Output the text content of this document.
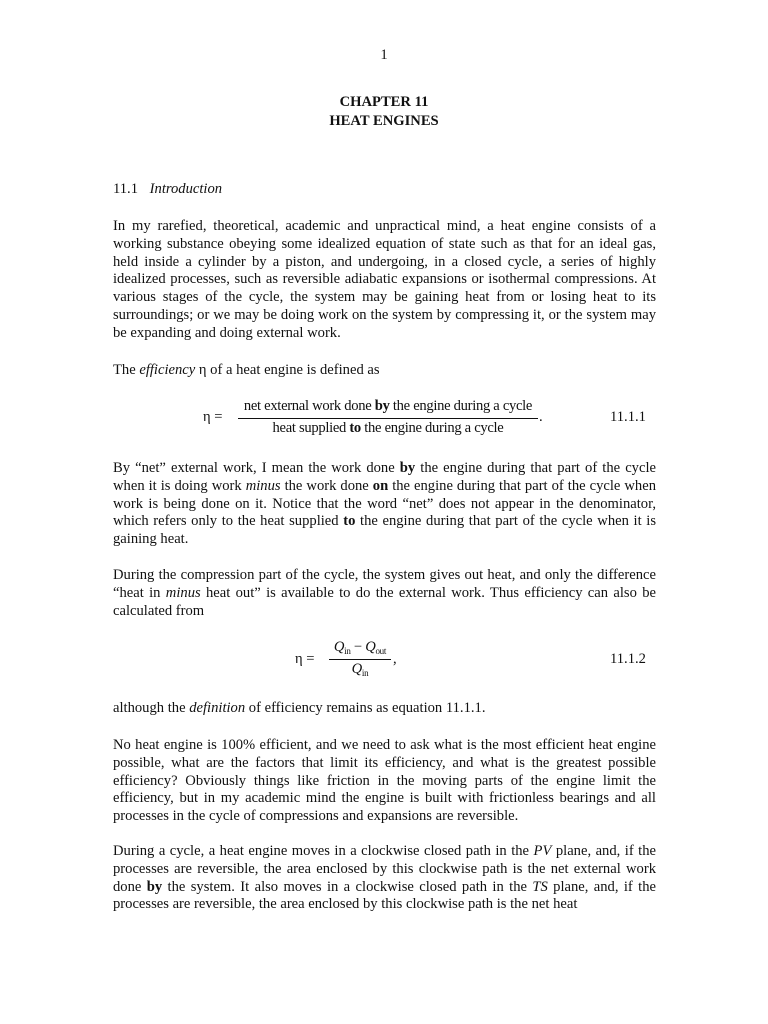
1
CHAPTER 11
HEAT ENGINES
11.1 Introduction

In my rarefied, theoretical, academic and unpractical mind, a heat engine consists of a working substance obeying some idealized equation of state such as that for an ideal gas, held inside a cylinder by a piston, and undergoing, in a closed cycle, a series of highly idealized processes, such as reversible adiabatic expansions or isothermal compressions. At various stages of the cycle, the system may be gaining heat from or losing heat to its surroundings; or we may be doing work on the system by compressing it, or the system may be expanding and doing external work.

The efficiency η of a heat engine is defined as

η =
net external work done by the engine during a cycle
heat supplied to the engine during a cycle
.	11.1.1

By “net” external work, I mean the work done by the engine during that part of the cycle when it is doing work minus the work done on the engine during that part of the cycle when work is being done on it. Notice that the word “net” does not appear in the denominator, which refers only to the heat supplied to the engine during that part of the cycle when it is gaining heat.

During the compression part of the cycle, the system gives out heat, and only the difference “heat in minus heat out” is available to do the external work. Thus efficiency can also be calculated from

η =
$Q_{in} - Q_{out}$
$Q_{in}$
,	11.1.2

although the definition of efficiency remains as equation 11.1.1.

No heat engine is 100% efficient, and we need to ask what is the most efficient heat engine possible, what are the factors that limit its efficiency, and what is the greatest possible efficiency? Obviously things like friction in the moving parts of the engine limit the efficiency, but in my academic mind the engine is built with frictionless bearings and all processes in the cycle of compressions and expansions are reversible.

During a cycle, a heat engine moves in a clockwise closed path in the PV plane, and, if the processes are reversible, the area enclosed by this clockwise path is the net external work done by the system. It also moves in a clockwise closed path in the TS plane, and, if the processes are reversible, the area enclosed by this clockwise path is the net heat
